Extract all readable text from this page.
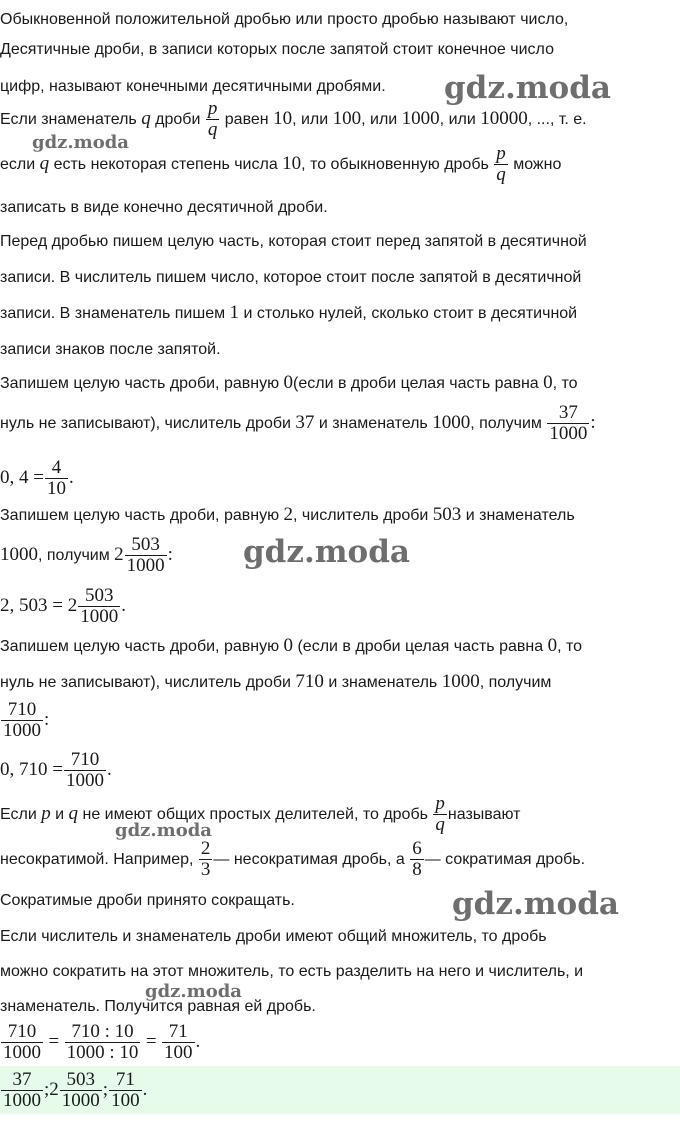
Обыкновенной положительной дробью или просто дробью называют число,
Десятичные дроби, в записи которых после запятой стоит конечное число
цифр, называют конечными десятичными дробями.
Если знаменатель q дроби $\frac{p}{q}$ равен 10, или 100, или 1000, или 10000, ..., т. е.
если q есть некоторая степень числа 10, то обыкновенную дробь $\frac{p}{q}$ можно
записать в виде конечно десятичной дроби.
Перед дробью пишем целую часть, которая стоит перед запятой в десятичной
записи. В числитель пишем число, которое стоит после запятой в десятичной
записи. В знаменатель пишем 1 и столько нулей, сколько стоит в десятичной
записи знаков после запятой.
Запишем целую часть дроби, равную 0(если в дроби целая часть равна 0, то
нуль не записывают), числитель дроби 37 и знаменатель 1000, получим $\frac{37}{1000}$ :
0, $4 = \frac{4}{10}$ .
Запишем целую часть дроби, равную 2, числитель дроби 503 и знаменатель
1000, получим $2 \frac{503}{1000}$ :
2, $503 = 2 \frac{503}{1000}$ .
Запишем целую часть дроби, равную 0 (если в дроби целая часть равна 0, то
нуль не записывают), числитель дроби 710 и знаменатель 1000, получим
$\frac{710}{1000}$ :
0, $710 = \frac{710}{1000}$ .
Если p и q не имеют общих простых делителей, то дробь $\frac{p}{q}$ называют
несократимой. Например, $\frac{2}{3}$ — несократимая дробь, а $\frac{6}{8}$ — сократимая дробь.
Сократимые дроби принято сокращать.
Если числитель и знаменатель дроби имеют общий множитель, то дробь
можно сократить на этот множитель, то есть разделить на него и числитель, и
знаменатель. Получится равная ей дробь.
$\frac{710}{1000} = \frac{710 : 10}{1000 : 10} = \frac{71}{100}$ .
$\frac{37}{1000}$ ;2 $\frac{503}{1000}$ ; $\frac{71}{100}$ .
gdz.moda
gdz.moda
gdz.moda
gdz.moda
gdz.moda
gdz.moda
